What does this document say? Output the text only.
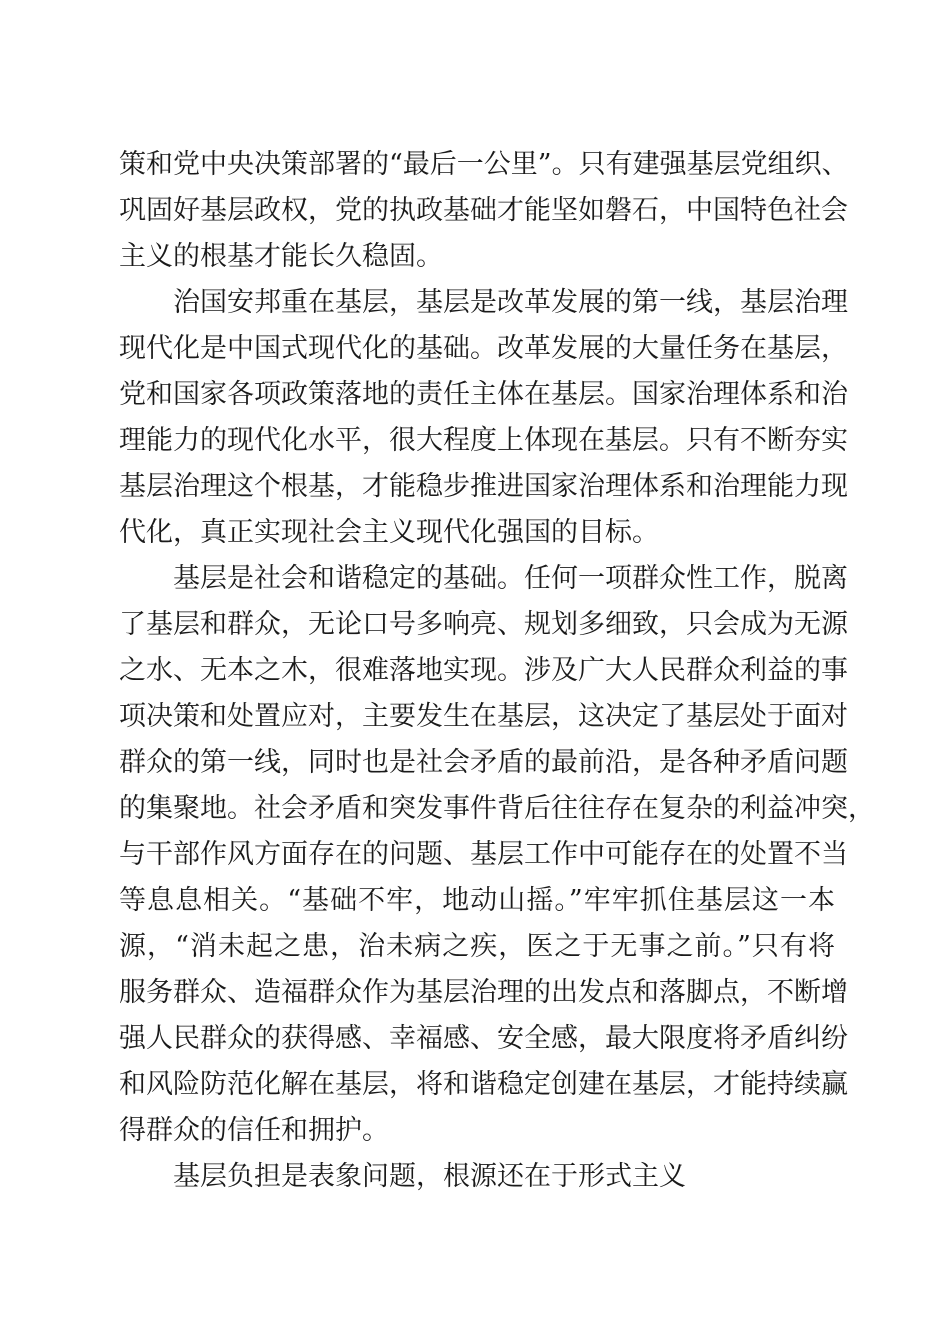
策和党中央决策部署的“最后一公里”。只有建强基层党组织、
巩固好基层政权，党的执政基础才能坚如磐石，中国特色社会
主义的根基才能长久稳固。
治国安邦重在基层，基层是改革发展的第一线，基层治理
现代化是中国式现代化的基础。改革发展的大量任务在基层，
党和国家各项政策落地的责任主体在基层。国家治理体系和治
理能力的现代化水平，很大程度上体现在基层。只有不断夯实
基层治理这个根基，才能稳步推进国家治理体系和治理能力现
代化，真正实现社会主义现代化强国的目标。
基层是社会和谐稳定的基础。任何一项群众性工作，脱离
了基层和群众，无论口号多响亮、规划多细致，只会成为无源
之水、无本之木，很难落地实现。涉及广大人民群众利益的事
项决策和处置应对，主要发生在基层，这决定了基层处于面对
群众的第一线，同时也是社会矛盾的最前沿，是各种矛盾问题
的集聚地。社会矛盾和突发事件背后往往存在复杂的利益冲突，
与干部作风方面存在的问题、基层工作中可能存在的处置不当
等息息相关。“基础不牢，地动山摇。”牢牢抓住基层这一本
源，“消未起之患，治未病之疾，医之于无事之前。”只有将
服务群众、造福群众作为基层治理的出发点和落脚点，不断增
强人民群众的获得感、幸福感、安全感，最大限度将矛盾纠纷
和风险防范化解在基层，将和谐稳定创建在基层，才能持续赢
得群众的信任和拥护。
基层负担是表象问题，根源还在于形式主义
